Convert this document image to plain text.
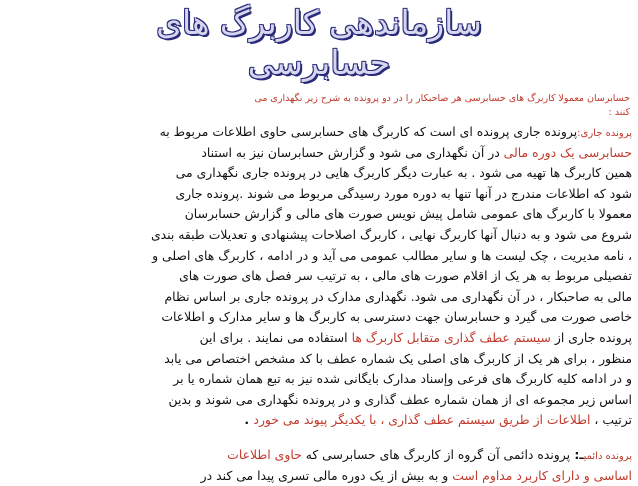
سازماندهی کاربرگ های
حسابرسی
حسابرسان معمولا کاربرگ های حسابرسی هر صاحبکار را در دو پرونده به شرح زیر نگهداری می
کنند :
پرونده جاری:پرونده جاری پرونده ای است که کاربرگ های حسابرسی حاوی اطلاعات مربوط به
حسابرسی یک دوره مالی در آن نگهداری می شود و گزارش حسابرسان نیز به استناد
همین کاربرگ ها تهیه می شود . به عبارت دیگر کاربرگ هایی در پرونده جاری نگهداری می
شود که اطلاعات مندرج در آنها تنها به دوره مورد رسیدگی مربوط می شوند .پرونده جاری
معمولا با کاربرگ های عمومی شامل پیش نویس صورت های مالی و گزارش حسابرسان
شروع می شود و به دنبال آنها کاربرگ نهایی ، کاربرگ اصلاحات پیشنهادی و تعدیلات طبقه بندی
، نامه مدیریت ، چک لیست ها و سایر مطالب عمومی می آید و در ادامه ، کاربرگ های اصلی و
تفصیلی مربوط به هر یک از اقلام صورت های مالی ، به ترتیب سر فصل های صورت های
مالی به صاحبکار ، در آن نگهداری می شود. نگهداری مدارک در پرونده جاری بر اساس نظام
خاصی صورت می گیرد و حسابرسان جهت دسترسی به کاربرگ ها و سایر مدارک و اطلاعات
پرونده جاری از سیستم عطف گذاری متقابل کاربرگ ها استفاده می نمایند . برای این
منظور ، برای هر یک از کاربرگ های اصلی یک شماره عطف با کد مشخص اختصاص می یابد
و در ادامه کلیه کاربرگ های فرعی وإسناد مدارک بایگانی شده نیز به تبع همان شماره یا بر
اساس زیر مجموعه ای از همان شماره عطف گذاری و در پرونده نگهداری می شوند و بدین
ترتیب ، اطلاعات از طریق سیستم عطف گذاری ، با یکدیگر پیوند می خورد .
پرونده دائمیـ: پرونده دائمی آن گروه از کاربرگ های حسابرسی که حاوی اطلاعات
اساسی و دارای کاربرد مداوم است و به بیش از یک دوره مالی تسری پیدا می کند در
